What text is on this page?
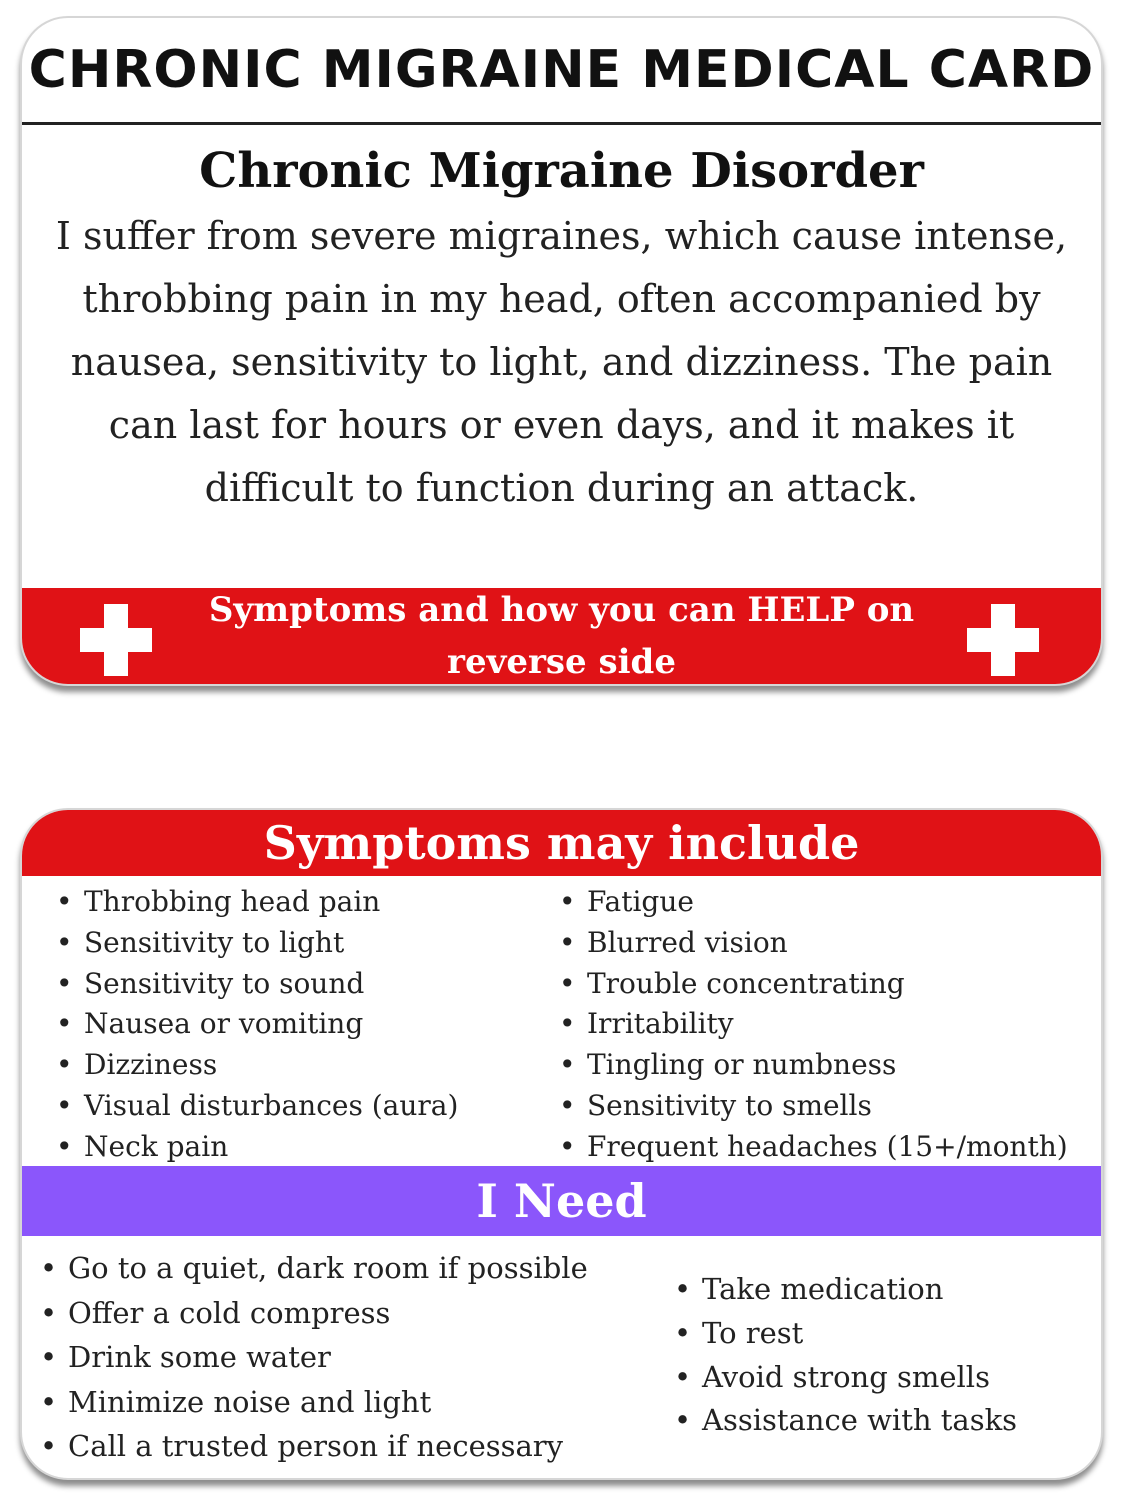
CHRONIC MIGRAINE MEDICAL CARD
Chronic Migraine Disorder
I suffer from severe migraines, which cause intense, throbbing pain in my head, often accompanied by nausea, sensitivity to light, and dizziness. The pain can last for hours or even days, and it makes it difficult to function during an attack.
Symptoms and how you can HELP on reverse side
Symptoms may include
• Throbbing head pain
• Sensitivity to light
• Sensitivity to sound
• Nausea or vomiting
• Dizziness
• Visual disturbances (aura)
• Neck pain
• Fatigue
• Blurred vision
• Trouble concentrating
• Irritability
• Tingling or numbness
• Sensitivity to smells
• Frequent headaches (15+/month)
I Need
• Go to a quiet, dark room if possible
• Offer a cold compress
• Drink some water
• Minimize noise and light
• Call a trusted person if necessary
• Take medication
• To rest
• Avoid strong smells
• Assistance with tasks
